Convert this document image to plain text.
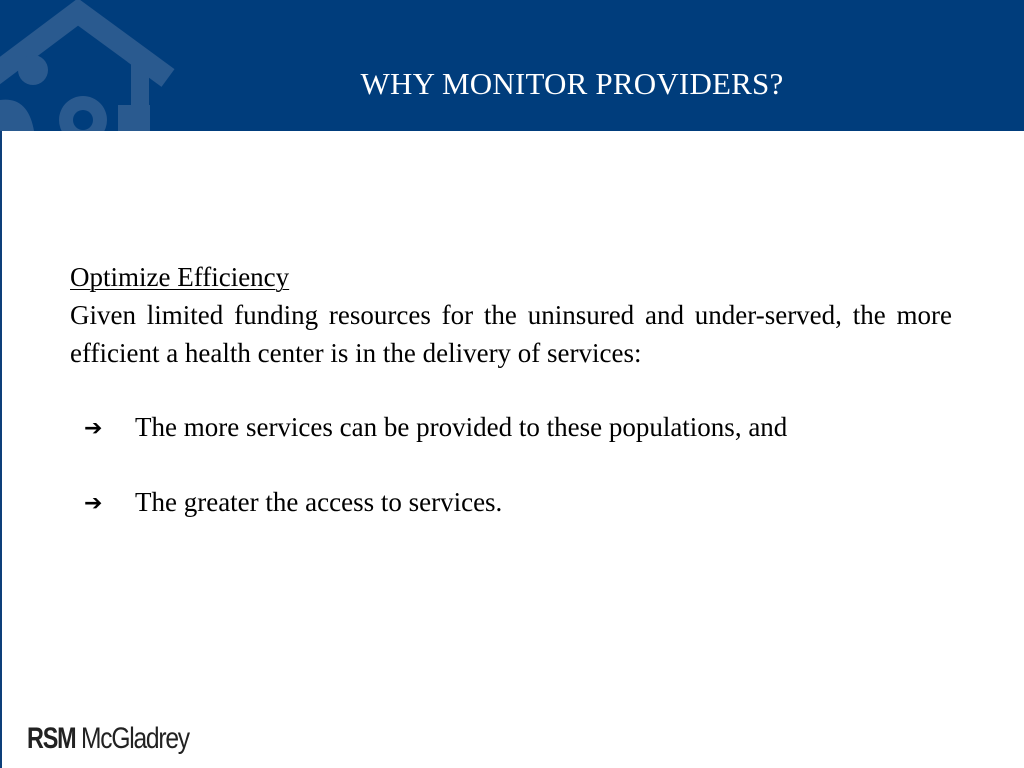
WHY MONITOR PROVIDERS?
Optimize Efficiency
Given limited funding resources for the uninsured and under-served, the more efficient a health center is in the delivery of services:
➔ The more services can be provided to these populations, and
➔ The greater the access to services.
RSM McGladrey
